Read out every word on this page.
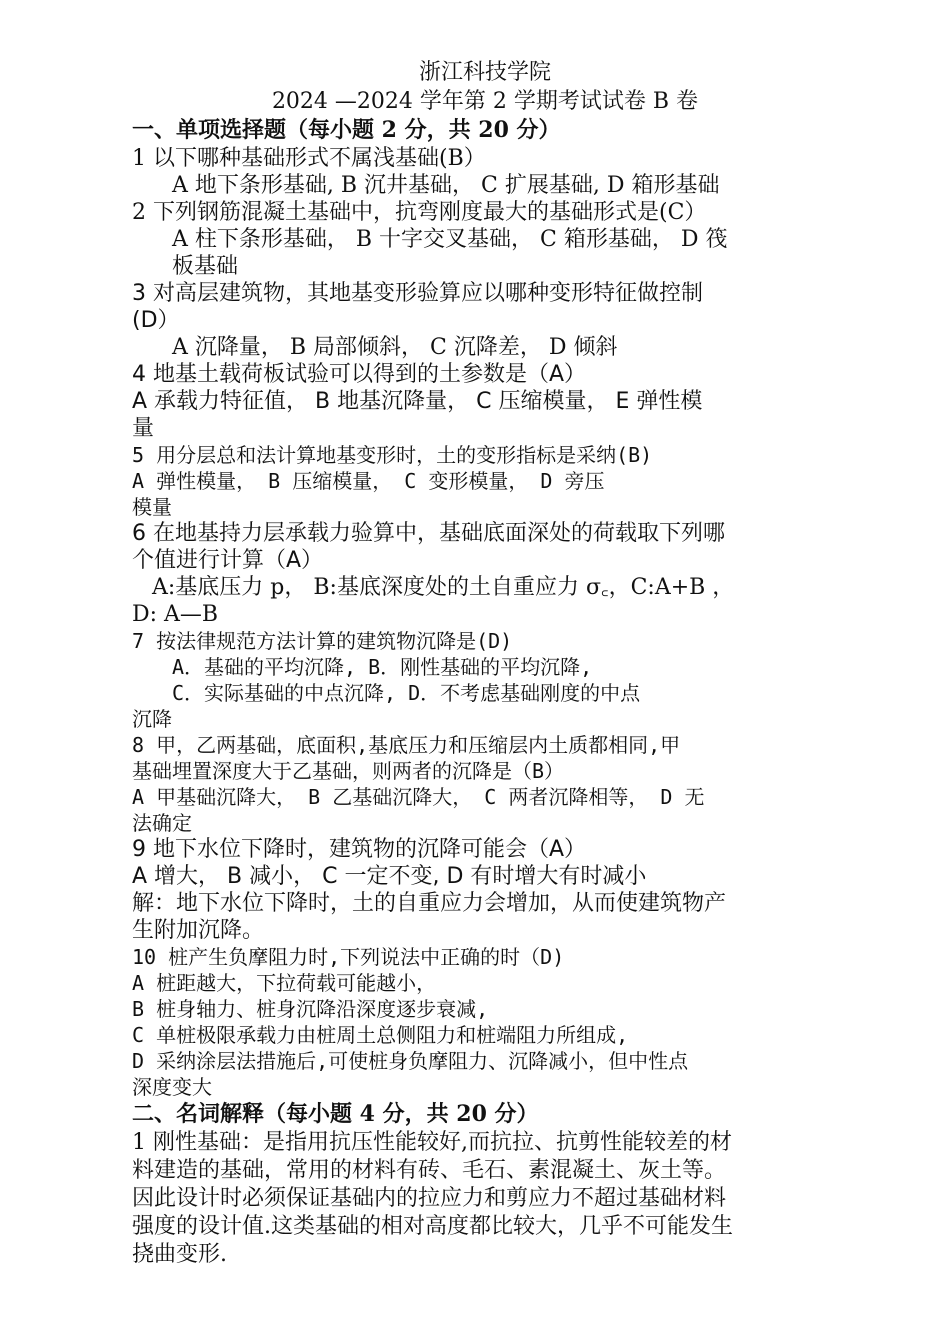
浙江科技学院
2024 —2024 学年第 2 学期考试试卷 B 卷
一、单项选择题（每小题 2 分，共 20 分）
1 以下哪种基础形式不属浅基础(B）
A 地下条形基础, B 沉井基础， C 扩展基础, D 箱形基础
2 下列钢筋混凝土基础中，抗弯刚度最大的基础形式是(C）
A 柱下条形基础， B 十字交叉基础， C 箱形基础， D 筏
板基础
3 对高层建筑物，其地基变形验算应以哪种变形特征做控制
(D）
A 沉降量， B 局部倾斜， C 沉降差， D 倾斜
4 地基土载荷板试验可以得到的土参数是（A）
A 承载力特征值， B 地基沉降量， C 压缩模量， E 弹性模
量
5 用分层总和法计算地基变形时，土的变形指标是采纳(B)
A 弹性模量， B 压缩模量， C 变形模量， D 旁压
模量
6 在地基持力层承载力验算中，基础底面深处的荷载取下列哪
个值进行计算（A）
A:基底压力 p， B:基底深度处的土自重应力 σ꜀，C:A+B ，
D: A—B
7 按法律规范方法计算的建筑物沉降是(D)
A．基础的平均沉降, B．刚性基础的平均沉降,
C．实际基础的中点沉降, D．不考虑基础刚度的中点
沉降
8 甲，乙两基础，底面积,基底压力和压缩层内土质都相同,甲
基础埋置深度大于乙基础，则两者的沉降是（B）
A 甲基础沉降大， B 乙基础沉降大， C 两者沉降相等， D 无
法确定
9 地下水位下降时，建筑物的沉降可能会（A）
A 增大， B 减小， C 一定不变, D 有时增大有时减小
解：地下水位下降时，土的自重应力会增加，从而使建筑物产
生附加沉降。
10 桩产生负摩阻力时,下列说法中正确的时（D)
A 桩距越大，下拉荷载可能越小，
B 桩身轴力、桩身沉降沿深度逐步衰减,
C 单桩极限承载力由桩周土总侧阻力和桩端阻力所组成,
D 采纳涂层法措施后,可使桩身负摩阻力、沉降减小，但中性点
深度变大
二、名词解释（每小题 4 分，共 20 分）
1 刚性基础：是指用抗压性能较好,而抗拉、抗剪性能较差的材
料建造的基础，常用的材料有砖、毛石、素混凝土、灰土等。
因此设计时必须保证基础内的拉应力和剪应力不超过基础材料
强度的设计值.这类基础的相对高度都比较大，几乎不可能发生
挠曲变形.
